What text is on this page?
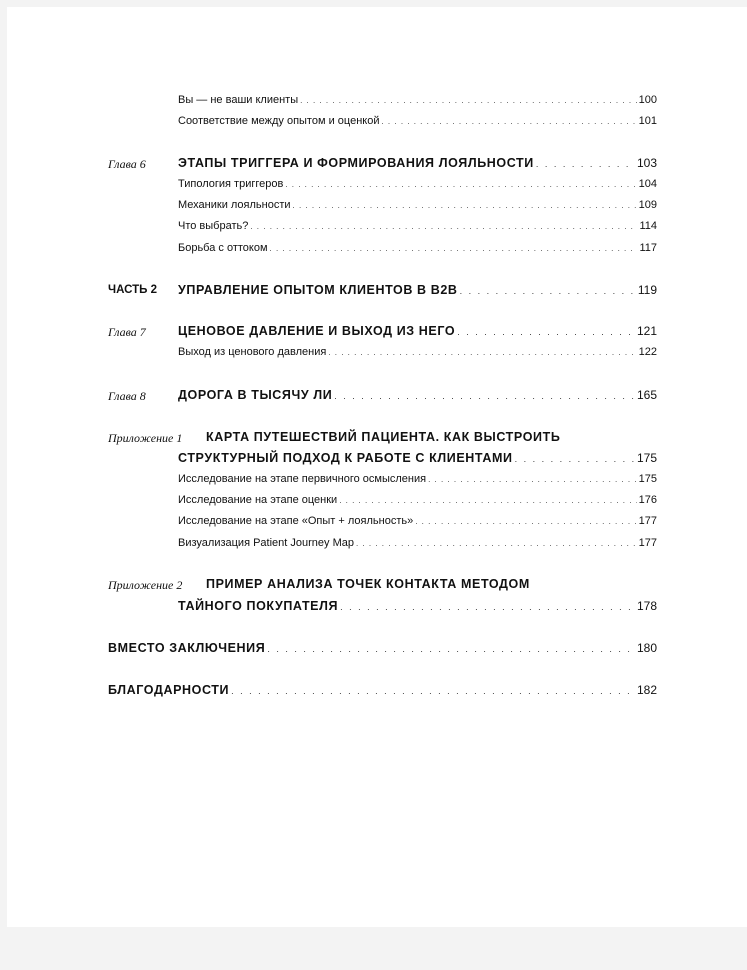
Вы — не ваши клиенты . . .	100
Соответствие между опытом и оценкой . . .	101
Глава 6	ЭТАПЫ ТРИГГЕРА И ФОРМИРОВАНИЯ ЛОЯЛЬНОСТИ . . .	103
Типология триггеров . . .	104
Механики лояльности . . .	109
Что выбрать? . . .	114
Борьба с оттоком . . .	117
ЧАСТЬ 2 УПРАВЛЕНИЕ ОПЫТОМ КЛИЕНТОВ В B2B . . .	119
Глава 7	ЦЕНОВОЕ ДАВЛЕНИЕ И ВЫХОД ИЗ НЕГО . . .	121
Выход из ценового давления . . .	122
Глава 8	ДОРОГА В ТЫСЯЧУ ЛИ . . .	165
Приложение 1 КАРТА ПУТЕШЕСТВИЙ ПАЦИЕНТА. КАК ВЫСТРОИТЬ
СТРУКТУРНЫЙ ПОДХОД К РАБОТЕ С КЛИЕНТАМИ . . .	175
Исследование на этапе первичного осмысления . . .	175
Исследование на этапе оценки . . .	176
Исследование на этапе «Опыт + лояльность» . . .	177
Визуализация Patient Journey Map . . .	177
Приложение 2 ПРИМЕР АНАЛИЗА ТОЧЕК КОНТАКТА МЕТОДОМ
ТАЙНОГО ПОКУПАТЕЛЯ . . .	178
ВМЕСТО ЗАКЛЮЧЕНИЯ . . .	180
БЛАГОДАРНОСТИ . . .	182
